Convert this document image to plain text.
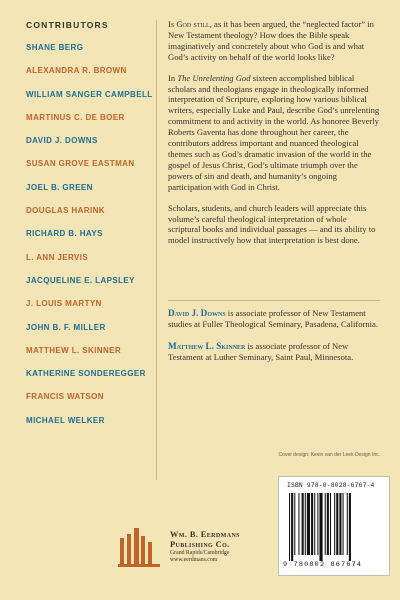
CONTRIBUTORS
SHANE BERG
ALEXANDRA R. BROWN
WILLIAM SANGER CAMPBELL
MARTINUS C. DE BOER
DAVID J. DOWNS
SUSAN GROVE EASTMAN
JOEL B. GREEN
DOUGLAS HARINK
RICHARD B. HAYS
L. ANN JERVIS
JACQUELINE E. LAPSLEY
J. LOUIS MARTYN
JOHN B. F. MILLER
MATTHEW L. SKINNER
KATHERINE SONDEREGGER
FRANCIS WATSON
MICHAEL WELKER

Is God still, as it has been argued, the “neglected factor” in New Testament theology? How does the Bible speak imaginatively and concretely about who God is and what God’s activity on behalf of the world looks like?

In The Unrelenting God sixteen accomplished biblical scholars and theologians engage in theologically informed interpretation of Scripture, exploring how various biblical writers, especially Luke and Paul, describe God’s unrelenting commitment to and activity in the world. As honoree Beverly Roberts Gaventa has done throughout her career, the contributors address important and nuanced theological themes such as God’s dramatic invasion of the world in the gospel of Jesus Christ, God’s ultimate triumph over the powers of sin and death, and humanity’s ongoing participation with God in Christ.

Scholars, students, and church leaders will appreciate this volume’s careful theological interpretation of whole scriptural books and individual passages — and its ability to model instructively how that interpretation is best done.

David J. Downs is associate professor of New Testament studies at Fuller Theological Seminary, Pasadena, California.

Matthew L. Skinner is associate professor of New Testament at Luther Seminary, Saint Paul, Minnesota.

Cover design: Kevin van der Leek Design Inc.
Wm. B. Eerdmans
Publishing Co.
Grand Rapids/Cambridge
www.eerdmans.com
ISBN 978-0-8028-6767-4
9 780802 867674
